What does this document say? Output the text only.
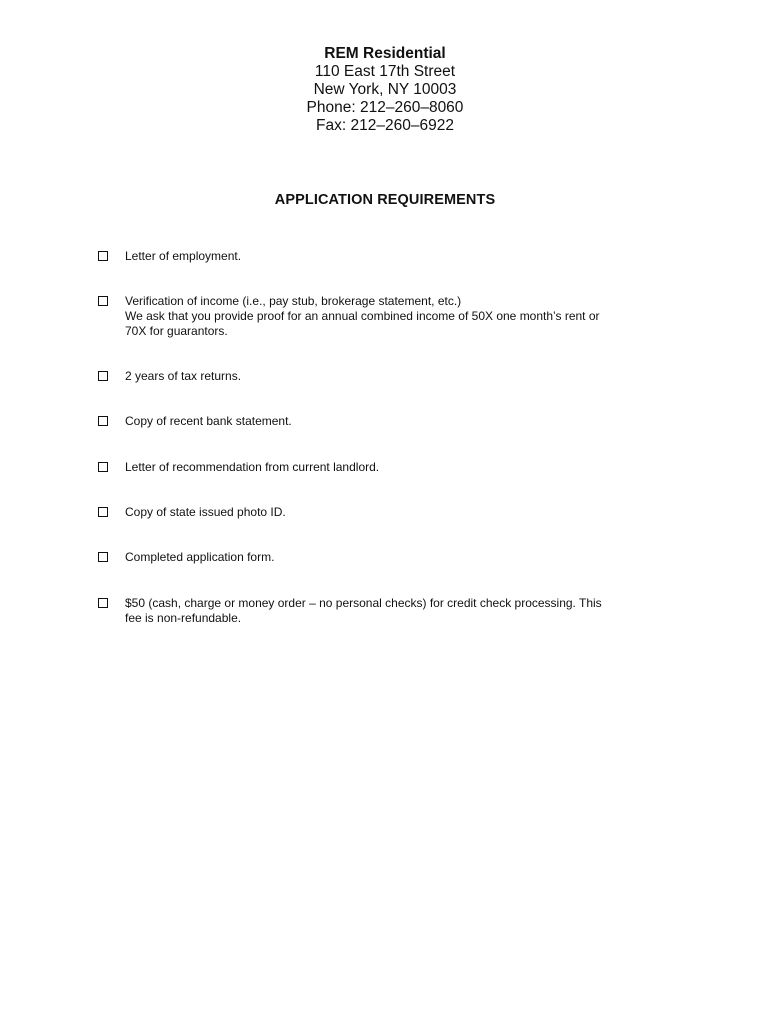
REM Residential
110 East 17th Street
New York, NY 10003
Phone: 212–260–8060
Fax: 212–260–6922
APPLICATION REQUIREMENTS
Letter of employment.
Verification of income (i.e., pay stub, brokerage statement, etc.)
We ask that you provide proof for an annual combined income of 50X one month’s rent or
70X for guarantors.
2 years of tax returns.
Copy of recent bank statement.
Letter of recommendation from current landlord.
Copy of state issued photo ID.
Completed application form.
$50 (cash, charge or money order – no personal checks) for credit check processing. This
fee is non-refundable.
